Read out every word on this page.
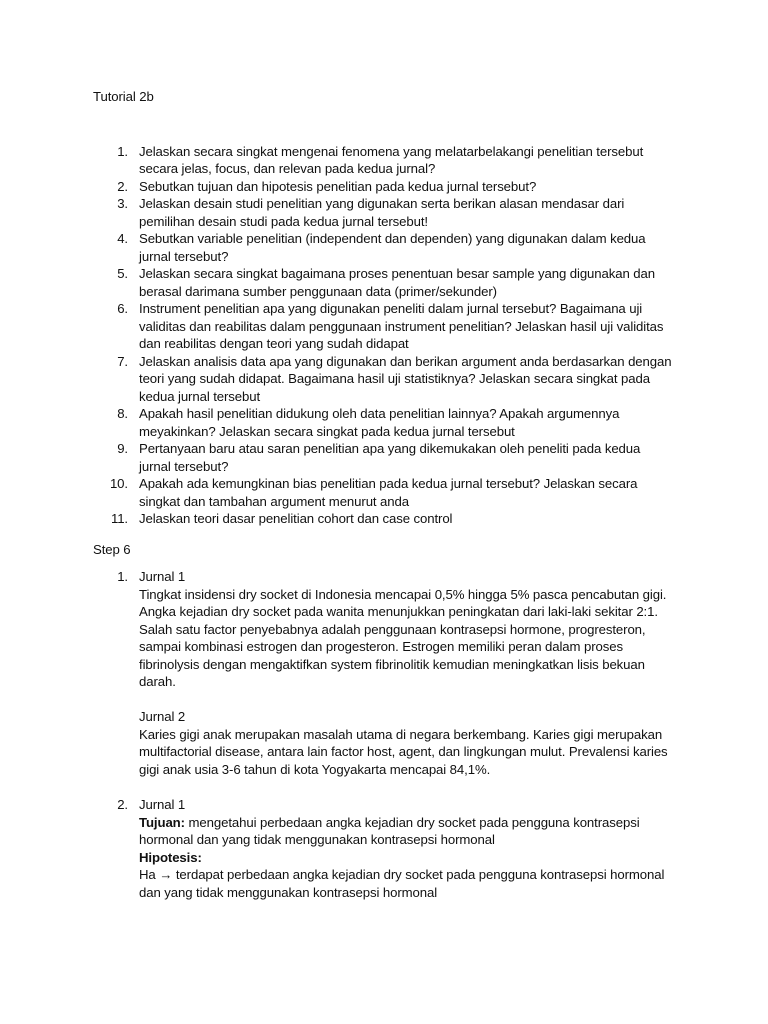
Tutorial 2b
1. Jelaskan secara singkat mengenai fenomena yang melatarbelakangi penelitian tersebut
secara jelas, focus, dan relevan pada kedua jurnal?
2. Sebutkan tujuan dan hipotesis penelitian pada kedua jurnal tersebut?
3. Jelaskan desain studi penelitian yang digunakan serta berikan alasan mendasar dari
pemilihan desain studi pada kedua jurnal tersebut!
4. Sebutkan variable penelitian (independent dan dependen) yang digunakan dalam kedua
jurnal tersebut?
5. Jelaskan secara singkat bagaimana proses penentuan besar sample yang digunakan dan
berasal darimana sumber penggunaan data (primer/sekunder)
6. Instrument penelitian apa yang digunakan peneliti dalam jurnal tersebut? Bagaimana uji
validitas dan reabilitas dalam penggunaan instrument penelitian? Jelaskan hasil uji validitas
dan reabilitas dengan teori yang sudah didapat
7. Jelaskan analisis data apa yang digunakan dan berikan argument anda berdasarkan dengan
teori yang sudah didapat. Bagaimana hasil uji statistiknya? Jelaskan secara singkat pada
kedua jurnal tersebut
8. Apakah hasil penelitian didukung oleh data penelitian lainnya? Apakah argumennya
meyakinkan? Jelaskan secara singkat pada kedua jurnal tersebut
9. Pertanyaan baru atau saran penelitian apa yang dikemukakan oleh peneliti pada kedua
jurnal tersebut?
10. Apakah ada kemungkinan bias penelitian pada kedua jurnal tersebut? Jelaskan secara
singkat dan tambahan argument menurut anda
11. Jelaskan teori dasar penelitian cohort dan case control
Step 6
1. Jurnal 1
Tingkat insidensi dry socket di Indonesia mencapai 0,5% hingga 5% pasca pencabutan gigi.
Angka kejadian dry socket pada wanita menunjukkan peningkatan dari laki-laki sekitar 2:1.
Salah satu factor penyebabnya adalah penggunaan kontrasepsi hormone, progresteron,
sampai kombinasi estrogen dan progesteron. Estrogen memiliki peran dalam proses
fibrinolysis dengan mengaktifkan system fibrinolitik kemudian meningkatkan lisis bekuan
darah.
Jurnal 2
Karies gigi anak merupakan masalah utama di negara berkembang. Karies gigi merupakan
multifactorial disease, antara lain factor host, agent, dan lingkungan mulut. Prevalensi karies
gigi anak usia 3-6 tahun di kota Yogyakarta mencapai 84,1%.
2. Jurnal 1
Tujuan: mengetahui perbedaan angka kejadian dry socket pada pengguna kontrasepsi
hormonal dan yang tidak menggunakan kontrasepsi hormonal
Hipotesis:
Ha → terdapat perbedaan angka kejadian dry socket pada pengguna kontrasepsi hormonal
dan yang tidak menggunakan kontrasepsi hormonal
